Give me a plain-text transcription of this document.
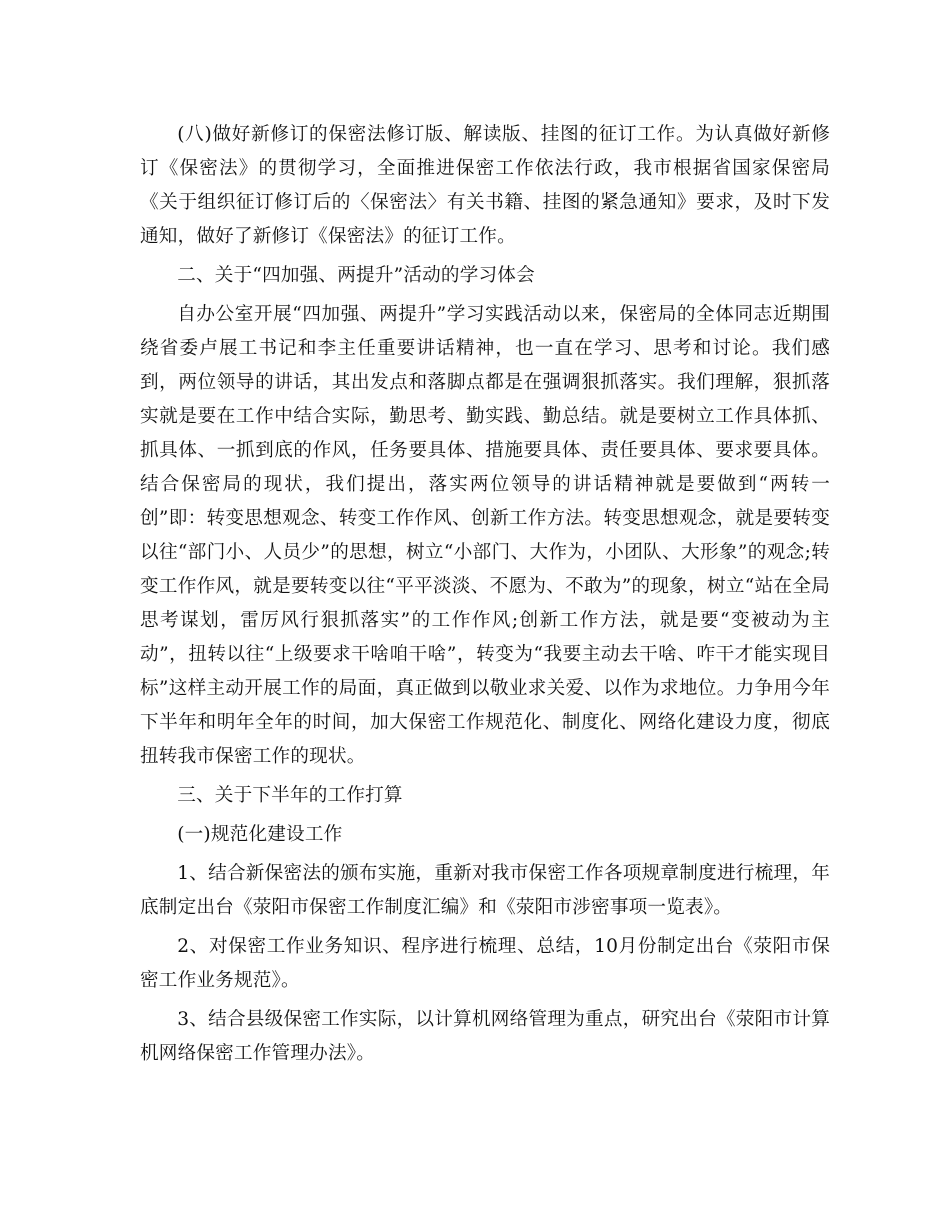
(八)做好新修订的保密法修订版、解读版、挂图的征订工作。为认真做好新修订《保密法》的贯彻学习，全面推进保密工作依法行政，我市根据省国家保密局《关于组织征订修订后的〈保密法〉有关书籍、挂图的紧急通知》要求，及时下发通知，做好了新修订《保密法》的征订工作。

二、关于“四加强、两提升”活动的学习体会

自办公室开展“四加强、两提升”学习实践活动以来，保密局的全体同志近期围绕省委卢展工书记和李主任重要讲话精神，也一直在学习、思考和讨论。我们感到，两位领导的讲话，其出发点和落脚点都是在强调狠抓落实。我们理解，狠抓落实就是要在工作中结合实际，勤思考、勤实践、勤总结。就是要树立工作具体抓、抓具体、一抓到底的作风，任务要具体、措施要具体、责任要具体、要求要具体。结合保密局的现状，我们提出，落实两位领导的讲话精神就是要做到“两转一创”即：转变思想观念、转变工作作风、创新工作方法。转变思想观念，就是要转变以往“部门小、人员少”的思想，树立“小部门、大作为，小团队、大形象”的观念;转变工作作风，就是要转变以往“平平淡淡、不愿为、不敢为”的现象，树立“站在全局思考谋划，雷厉风行狠抓落实”的工作作风;创新工作方法，就是要“变被动为主动”，扭转以往“上级要求干啥咱干啥”，转变为“我要主动去干啥、咋干才能实现目标”这样主动开展工作的局面，真正做到以敬业求关爱、以作为求地位。力争用今年下半年和明年全年的时间，加大保密工作规范化、制度化、网络化建设力度，彻底扭转我市保密工作的现状。

三、关于下半年的工作打算

(一)规范化建设工作

1、结合新保密法的颁布实施，重新对我市保密工作各项规章制度进行梳理，年底制定出台《荥阳市保密工作制度汇编》和《荥阳市涉密事项一览表》。

2、对保密工作业务知识、程序进行梳理、总结，10月份制定出台《荥阳市保密工作业务规范》。

3、结合县级保密工作实际，以计算机网络管理为重点，研究出台《荥阳市计算机网络保密工作管理办法》。
